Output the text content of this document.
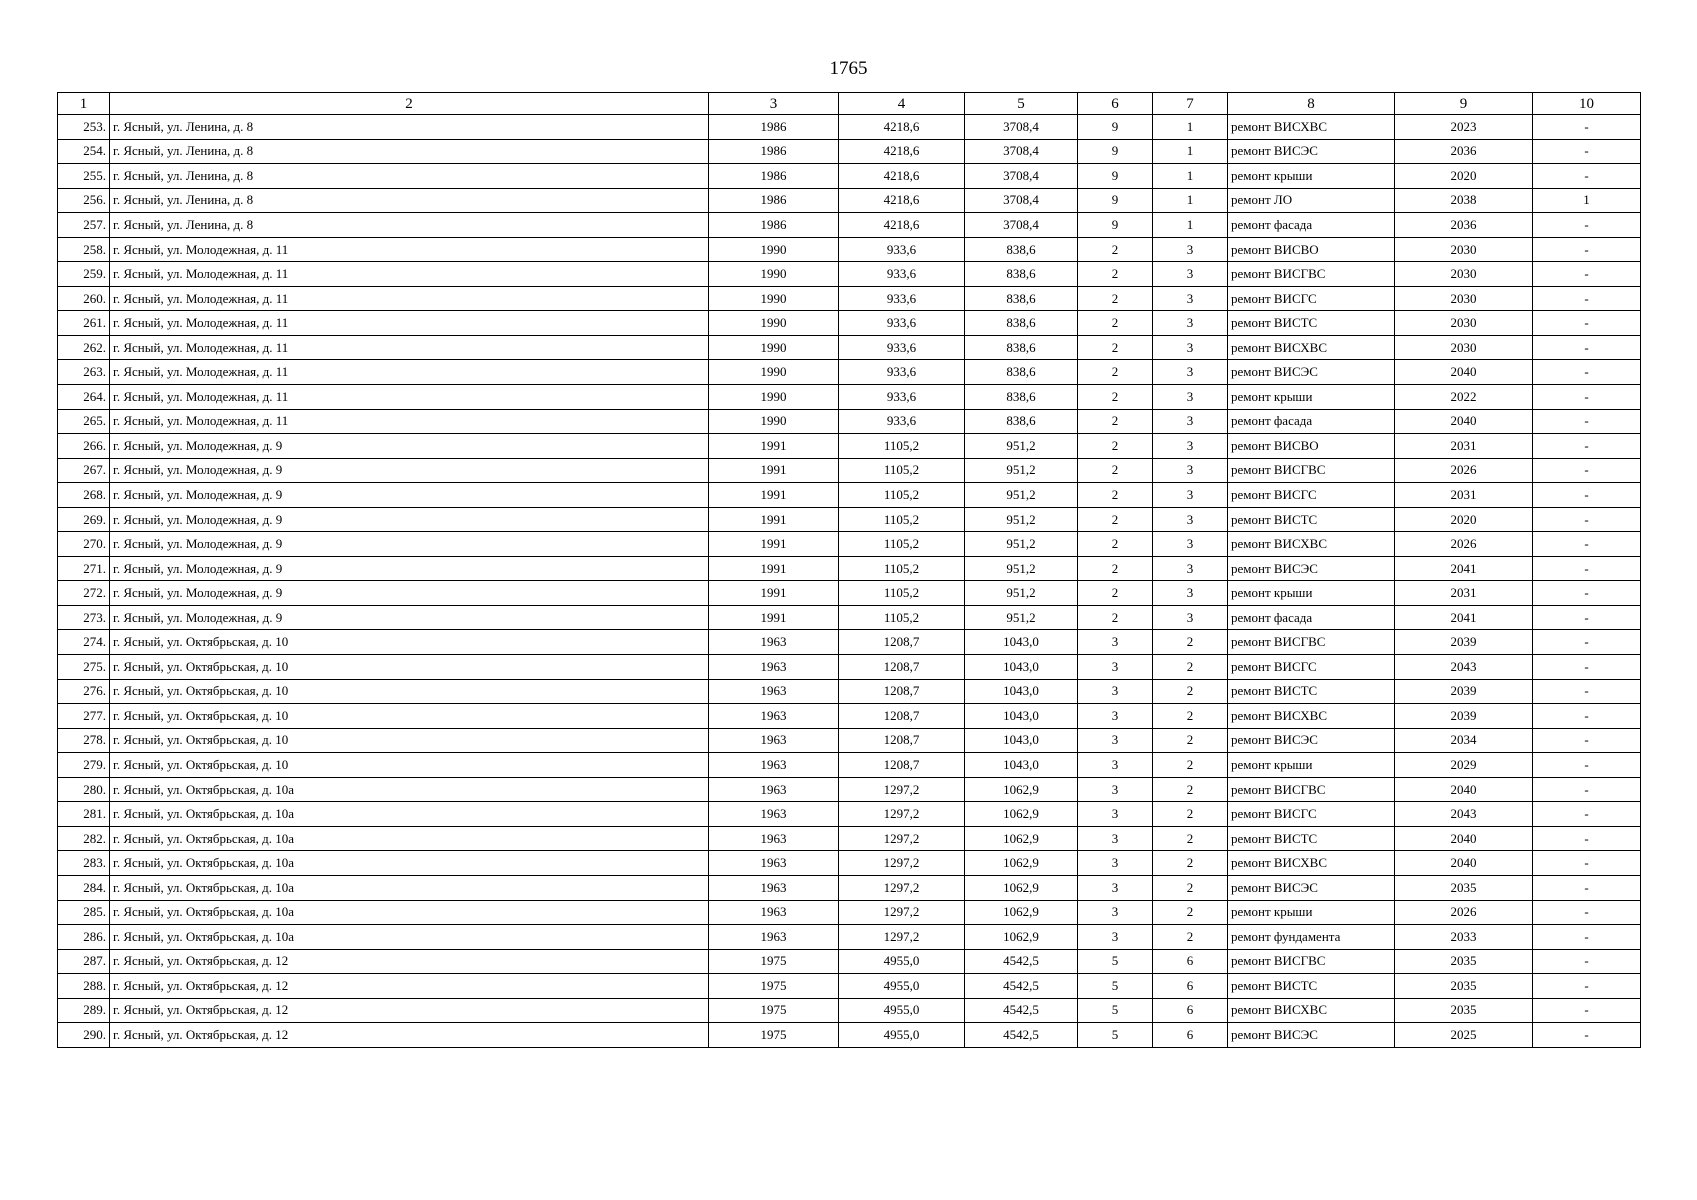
1765
1	2	3	4	5	6	7	8	9	10
253.	г. Ясный, ул. Ленина, д. 8	1986	4218,6	3708,4	9	1	ремонт ВИСХВС	2023	-
254.	г. Ясный, ул. Ленина, д. 8	1986	4218,6	3708,4	9	1	ремонт ВИСЭС	2036	-
255.	г. Ясный, ул. Ленина, д. 8	1986	4218,6	3708,4	9	1	ремонт крыши	2020	-
256.	г. Ясный, ул. Ленина, д. 8	1986	4218,6	3708,4	9	1	ремонт ЛО	2038	1
257.	г. Ясный, ул. Ленина, д. 8	1986	4218,6	3708,4	9	1	ремонт фасада	2036	-
258.	г. Ясный, ул. Молодежная, д. 11	1990	933,6	838,6	2	3	ремонт ВИСВО	2030	-
259.	г. Ясный, ул. Молодежная, д. 11	1990	933,6	838,6	2	3	ремонт ВИСГВС	2030	-
260.	г. Ясный, ул. Молодежная, д. 11	1990	933,6	838,6	2	3	ремонт ВИСГС	2030	-
261.	г. Ясный, ул. Молодежная, д. 11	1990	933,6	838,6	2	3	ремонт ВИСТС	2030	-
262.	г. Ясный, ул. Молодежная, д. 11	1990	933,6	838,6	2	3	ремонт ВИСХВС	2030	-
263.	г. Ясный, ул. Молодежная, д. 11	1990	933,6	838,6	2	3	ремонт ВИСЭС	2040	-
264.	г. Ясный, ул. Молодежная, д. 11	1990	933,6	838,6	2	3	ремонт крыши	2022	-
265.	г. Ясный, ул. Молодежная, д. 11	1990	933,6	838,6	2	3	ремонт фасада	2040	-
266.	г. Ясный, ул. Молодежная, д. 9	1991	1105,2	951,2	2	3	ремонт ВИСВО	2031	-
267.	г. Ясный, ул. Молодежная, д. 9	1991	1105,2	951,2	2	3	ремонт ВИСГВС	2026	-
268.	г. Ясный, ул. Молодежная, д. 9	1991	1105,2	951,2	2	3	ремонт ВИСГС	2031	-
269.	г. Ясный, ул. Молодежная, д. 9	1991	1105,2	951,2	2	3	ремонт ВИСТС	2020	-
270.	г. Ясный, ул. Молодежная, д. 9	1991	1105,2	951,2	2	3	ремонт ВИСХВС	2026	-
271.	г. Ясный, ул. Молодежная, д. 9	1991	1105,2	951,2	2	3	ремонт ВИСЭС	2041	-
272.	г. Ясный, ул. Молодежная, д. 9	1991	1105,2	951,2	2	3	ремонт крыши	2031	-
273.	г. Ясный, ул. Молодежная, д. 9	1991	1105,2	951,2	2	3	ремонт фасада	2041	-
274.	г. Ясный, ул. Октябрьская, д. 10	1963	1208,7	1043,0	3	2	ремонт ВИСГВС	2039	-
275.	г. Ясный, ул. Октябрьская, д. 10	1963	1208,7	1043,0	3	2	ремонт ВИСГС	2043	-
276.	г. Ясный, ул. Октябрьская, д. 10	1963	1208,7	1043,0	3	2	ремонт ВИСТС	2039	-
277.	г. Ясный, ул. Октябрьская, д. 10	1963	1208,7	1043,0	3	2	ремонт ВИСХВС	2039	-
278.	г. Ясный, ул. Октябрьская, д. 10	1963	1208,7	1043,0	3	2	ремонт ВИСЭС	2034	-
279.	г. Ясный, ул. Октябрьская, д. 10	1963	1208,7	1043,0	3	2	ремонт крыши	2029	-
280.	г. Ясный, ул. Октябрьская, д. 10а	1963	1297,2	1062,9	3	2	ремонт ВИСГВС	2040	-
281.	г. Ясный, ул. Октябрьская, д. 10а	1963	1297,2	1062,9	3	2	ремонт ВИСГС	2043	-
282.	г. Ясный, ул. Октябрьская, д. 10а	1963	1297,2	1062,9	3	2	ремонт ВИСТС	2040	-
283.	г. Ясный, ул. Октябрьская, д. 10а	1963	1297,2	1062,9	3	2	ремонт ВИСХВС	2040	-
284.	г. Ясный, ул. Октябрьская, д. 10а	1963	1297,2	1062,9	3	2	ремонт ВИСЭС	2035	-
285.	г. Ясный, ул. Октябрьская, д. 10а	1963	1297,2	1062,9	3	2	ремонт крыши	2026	-
286.	г. Ясный, ул. Октябрьская, д. 10а	1963	1297,2	1062,9	3	2	ремонт фундамента	2033	-
287.	г. Ясный, ул. Октябрьская, д. 12	1975	4955,0	4542,5	5	6	ремонт ВИСГВС	2035	-
288.	г. Ясный, ул. Октябрьская, д. 12	1975	4955,0	4542,5	5	6	ремонт ВИСТС	2035	-
289.	г. Ясный, ул. Октябрьская, д. 12	1975	4955,0	4542,5	5	6	ремонт ВИСХВС	2035	-
290.	г. Ясный, ул. Октябрьская, д. 12	1975	4955,0	4542,5	5	6	ремонт ВИСЭС	2025	-
